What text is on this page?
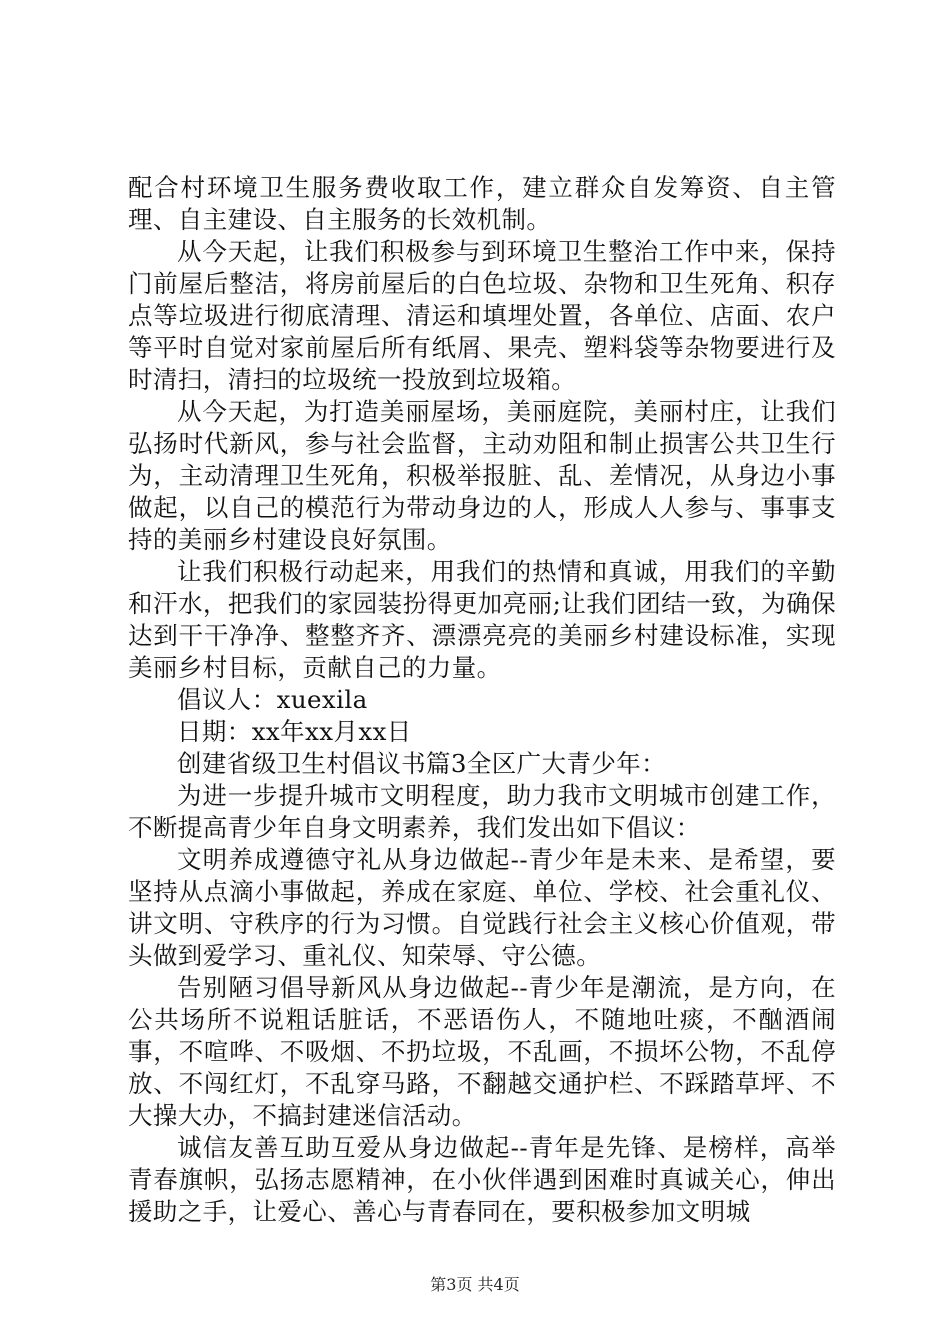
配合村环境卫生服务费收取工作，建立群众自发筹资、自主管理、自主建设、自主服务的长效机制。

从今天起，让我们积极参与到环境卫生整治工作中来，保持门前屋后整洁，将房前屋后的白色垃圾、杂物和卫生死角、积存点等垃圾进行彻底清理、清运和填埋处置，各单位、店面、农户等平时自觉对家前屋后所有纸屑、果壳、塑料袋等杂物要进行及时清扫，清扫的垃圾统一投放到垃圾箱。

从今天起，为打造美丽屋场，美丽庭院，美丽村庄，让我们弘扬时代新风，参与社会监督，主动劝阻和制止损害公共卫生行为，主动清理卫生死角，积极举报脏、乱、差情况，从身边小事做起，以自己的模范行为带动身边的人，形成人人参与、事事支持的美丽乡村建设良好氛围。

让我们积极行动起来，用我们的热情和真诚，用我们的辛勤和汗水，把我们的家园装扮得更加亮丽;让我们团结一致，为确保达到干干净净、整整齐齐、漂漂亮亮的美丽乡村建设标准，实现美丽乡村目标，贡献自己的力量。

倡议人：xuexila

日期：xx年xx月xx日

创建省级卫生村倡议书篇3全区广大青少年：

为进一步提升城市文明程度，助力我市文明城市创建工作，不断提高青少年自身文明素养，我们发出如下倡议：

文明养成遵德守礼从身边做起--青少年是未来、是希望，要坚持从点滴小事做起，养成在家庭、单位、学校、社会重礼仪、讲文明、守秩序的行为习惯。自觉践行社会主义核心价值观，带头做到爱学习、重礼仪、知荣辱、守公德。

告别陋习倡导新风从身边做起--青少年是潮流，是方向，在公共场所不说粗话脏话，不恶语伤人，不随地吐痰，不酗酒闹事，不喧哗、不吸烟、不扔垃圾，不乱画，不损坏公物，不乱停放、不闯红灯，不乱穿马路，不翻越交通护栏、不踩踏草坪、不大操大办，不搞封建迷信活动。

诚信友善互助互爱从身边做起--青年是先锋、是榜样，高举青春旗帜，弘扬志愿精神，在小伙伴遇到困难时真诚关心，伸出援助之手，让爱心、善心与青春同在，要积极参加文明城

第3页 共4页
